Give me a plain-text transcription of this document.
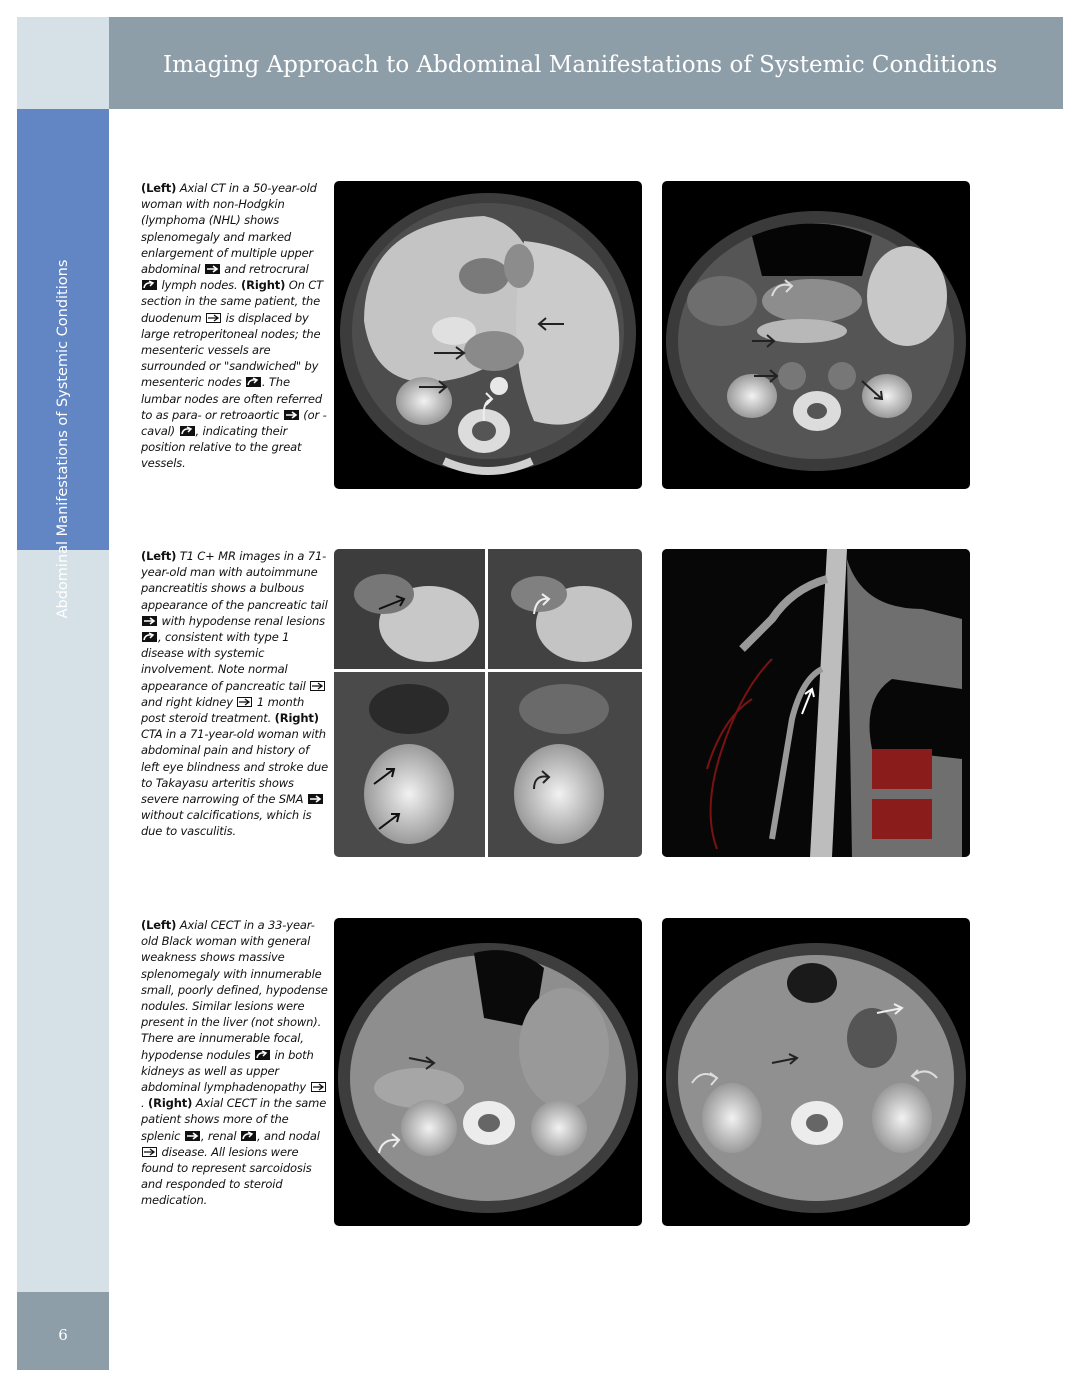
Imaging Approach to Abdominal Manifestations of Systemic Conditions
Abdominal Manifestations of Systemic Conditions
6
(Left) Axial CT in a 50-year-old woman with non-Hodgkin (lymphoma (NHL) shows splenomegaly and marked enlargement of multiple upper abdominal  and retrocrural  lymph nodes. (Right) On CT section in the same patient, the duodenum  is displaced by large retroperitoneal nodes; the mesenteric vessels are surrounded or "sandwiched" by mesenteric nodes . The lumbar nodes are often referred to as para- or retroaortic  (or -caval) , indicating their position relative to the great vessels.
(Left) T1 C+ MR images in a 71-year-old man with autoimmune pancreatitis shows a bulbous appearance of the pancreatic tail  with hypodense renal lesions , consistent with type 1 disease with systemic involvement. Note normal appearance of pancreatic tail  and right kidney  1 month post steroid treatment. (Right) CTA in a 71-year-old woman with abdominal pain and history of left eye blindness and stroke due to Takayasu arteritis shows severe narrowing of the SMA  without calcifications, which is due to vasculitis.
(Left) Axial CECT in a 33-year-old Black woman with general weakness shows massive splenomegaly with innumerable small, poorly defined, hypodense nodules. Similar lesions were present in the liver (not shown). There are innumerable focal, hypodense nodules  in both kidneys as well as upper abdominal lymphadenopathy . (Right) Axial CECT in the same patient shows more of the splenic , renal , and nodal  disease. All lesions were found to represent sarcoidosis and responded to steroid medication.
